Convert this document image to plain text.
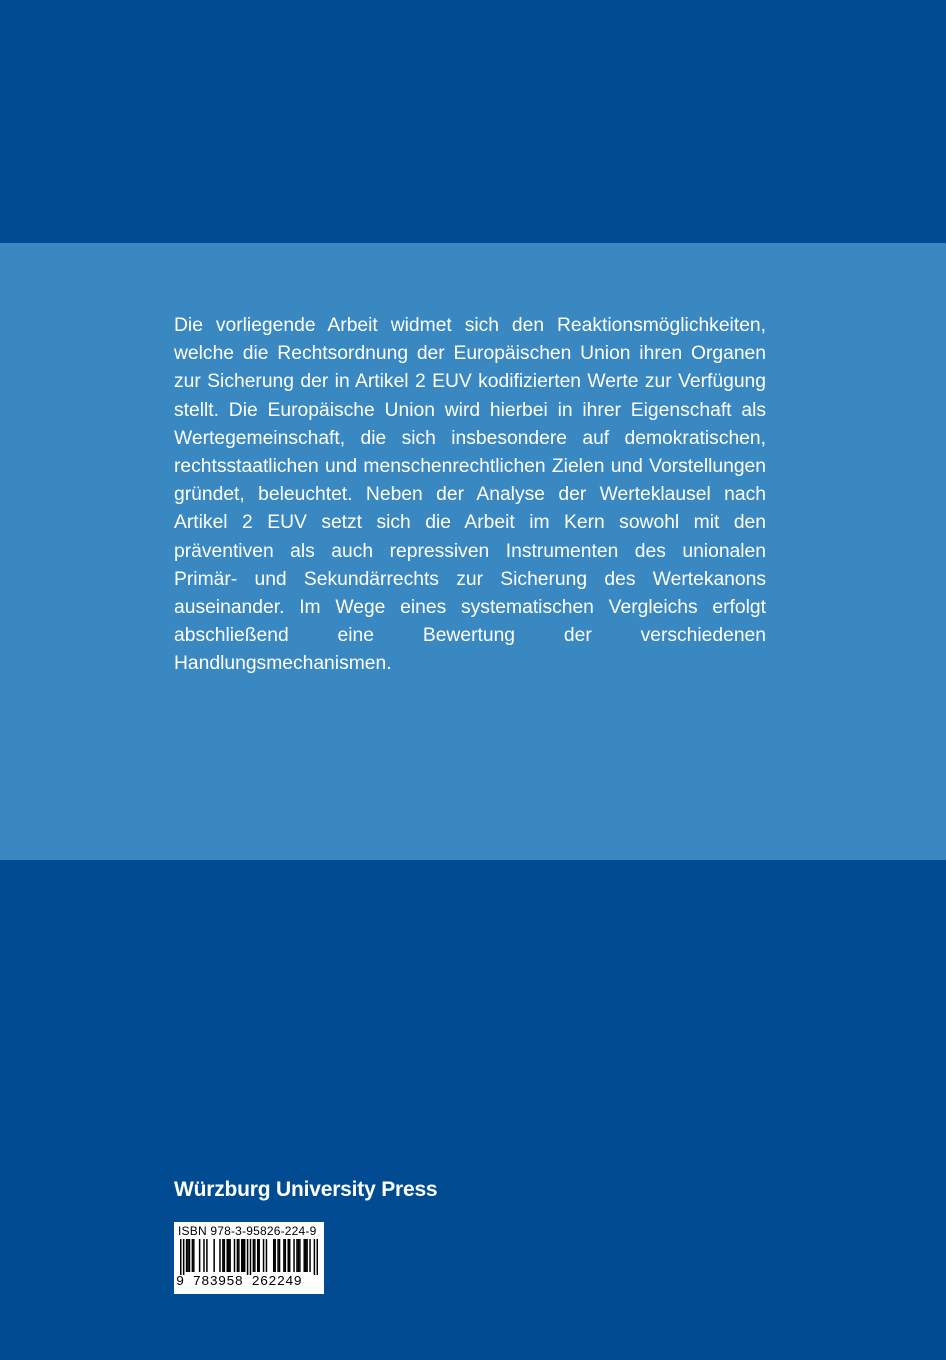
Die vorliegende Arbeit widmet sich den Reaktionsmöglichkeiten, welche die Rechtsordnung der Europäischen Union ihren Organen zur Sicherung der in Artikel 2 EUV kodifizierten Werte zur Verfügung stellt. Die Europäische Union wird hierbei in ihrer Eigenschaft als Wertegemeinschaft, die sich insbesondere auf demokratischen, rechtsstaatlichen und menschenrechtlichen Zielen und Vorstellungen gründet, beleuchtet. Neben der Analyse der Werteklausel nach Artikel 2 EUV setzt sich die Arbeit im Kern sowohl mit den präventiven als auch repressiven Instrumenten des unionalen Primär- und Sekundärrechts zur Sicherung des Wertekanons auseinander. Im Wege eines systematischen Vergleichs erfolgt abschließend eine Bewertung der verschiedenen Handlungsmechanismen.

Würzburg University Press
ISBN 978-3-95826-224-9
9 783958 262249
